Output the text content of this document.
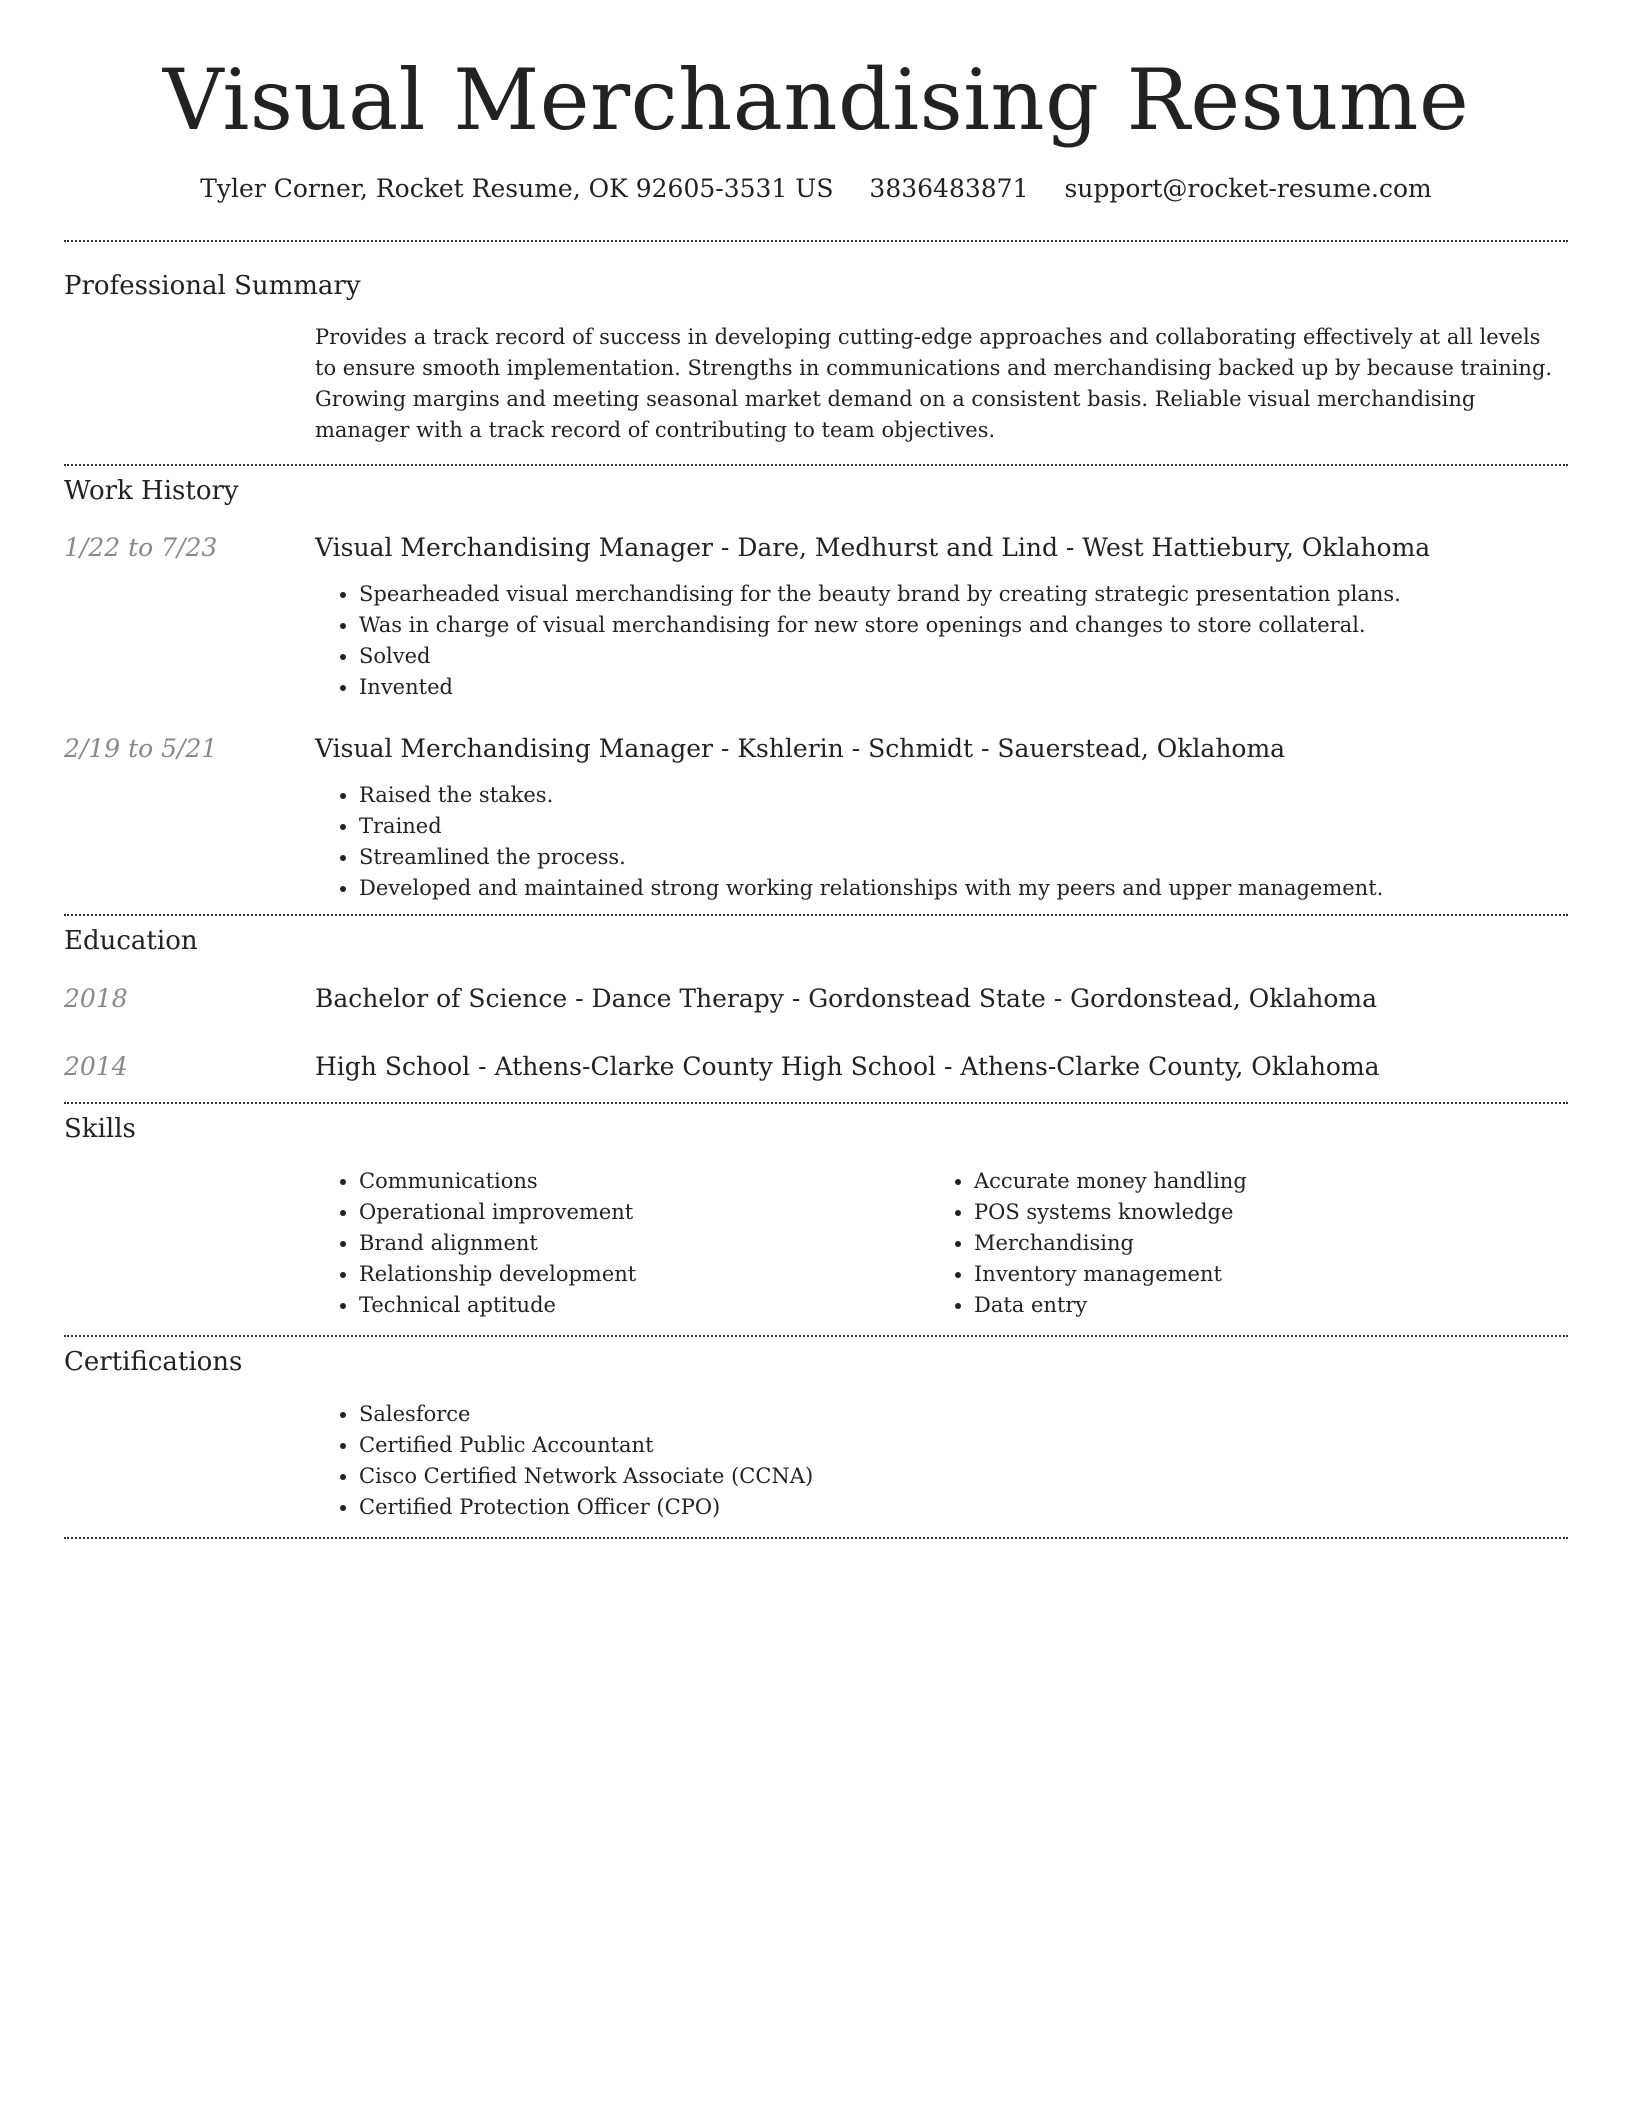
Visual Merchandising Resume
Tyler Corner, Rocket Resume, OK 92605-3531 US 3836483871 support@rocket-resume.com
Professional Summary

Provides a track record of success in developing cutting-edge approaches and collaborating effectively at all levels to ensure smooth implementation. Strengths in communications and merchandising backed up by because training. Growing margins and meeting seasonal market demand on a consistent basis. Reliable visual merchandising manager with a track record of contributing to team objectives.

Work History
1/22 to 7/23	Visual Merchandising Manager - Dare, Medhurst and Lind - West Hattiebury, Oklahoma
• Spearheaded visual merchandising for the beauty brand by creating strategic presentation plans.
• Was in charge of visual merchandising for new store openings and changes to store collateral.
• Solved
• Invented
2/19 to 5/21	Visual Merchandising Manager - Kshlerin - Schmidt - Sauerstead, Oklahoma
• Raised the stakes.
• Trained
• Streamlined the process.
• Developed and maintained strong working relationships with my peers and upper management.
Education
2018	Bachelor of Science - Dance Therapy - Gordonstead State - Gordonstead, Oklahoma
2014	High School - Athens-Clarke County High School - Athens-Clarke County, Oklahoma
Skills
• Communications
• Operational improvement
• Brand alignment
• Relationship development
• Technical aptitude
• Accurate money handling
• POS systems knowledge
• Merchandising
• Inventory management
• Data entry
Certifications
• Salesforce
• Certified Public Accountant
• Cisco Certified Network Associate (CCNA)
• Certified Protection Officer (CPO)
